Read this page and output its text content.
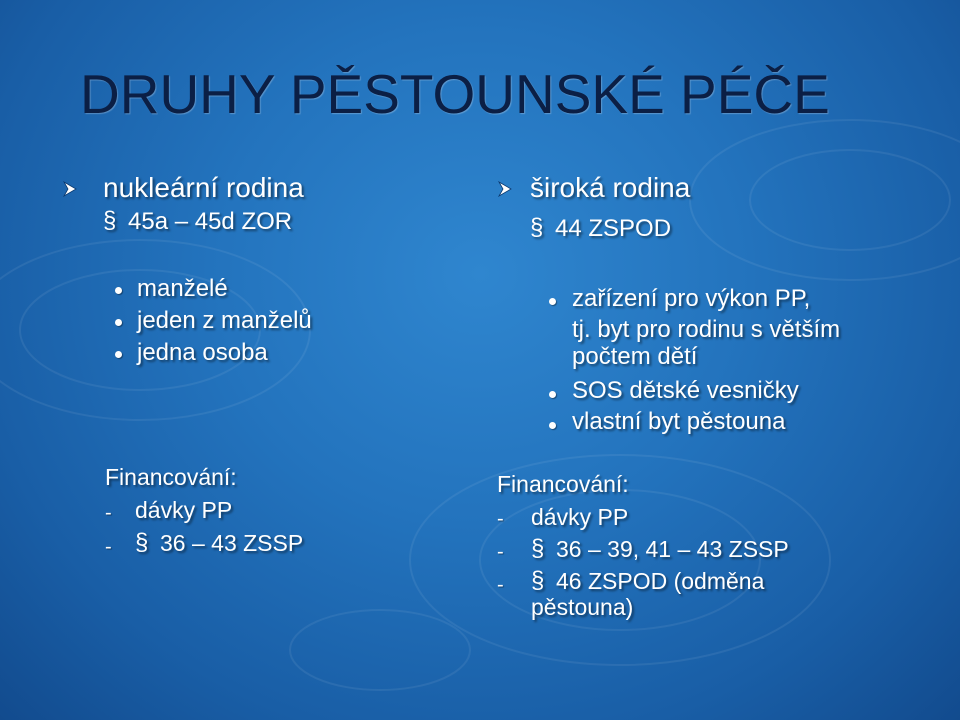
DRUHY PĚSTOUNSKÉ PÉČE
nukleární rodina
§ 45a – 45d ZOR
manželé
jeden z manželů
jedna osoba
Financování:
- dávky PP
- § 36 – 43 ZSSP
široká rodina
§ 44 ZSPOD
zařízení pro výkon PP,
tj. byt pro rodinu s větším
počtem dětí
SOS dětské vesničky
vlastní byt pěstouna
Financování:
- dávky PP
- § 36 – 39, 41 – 43 ZSSP
- § 46 ZSPOD (odměna
pěstouna)
